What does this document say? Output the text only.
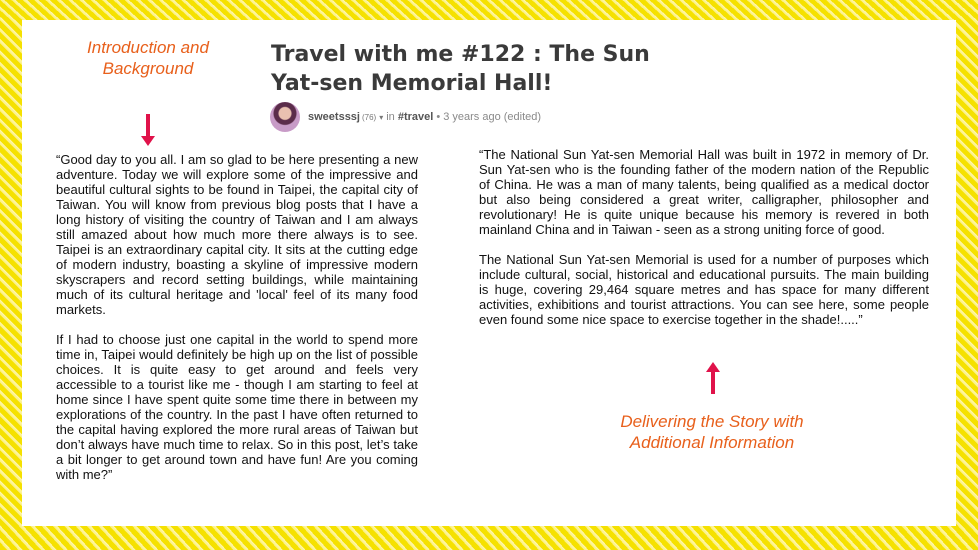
Introduction and Background
Travel with me #122 : The Sun Yat-sen Memorial Hall!
sweetsssj (76) ▾ in
#travel • 3 years ago
(edited)

“Good day to you all. I am so glad to be here presenting a new adventure. Today we will explore some of the impressive and beautiful cultural sights to be found in Taipei, the capital city of Taiwan. You will know from previous blog posts that I have a long history of visiting the country of Taiwan and I am always still amazed about how much more there always is to see. Taipei is an extraordinary capital city. It sits at the cutting edge of modern industry, boasting a skyline of impressive modern skyscrapers and record setting buildings, while maintaining much of its cultural heritage and 'local' feel of its many food markets.

If I had to choose just one capital in the world to spend more time in, Taipei would definitely be high up on the list of possible choices. It is quite easy to get around and feels very accessible to a tourist like me - though I am starting to feel at home since I have spent quite some time there in between my explorations of the country. In the past I have often returned to the capital having explored the more rural areas of Taiwan but don’t always have much time to relax. So in this post, let’s take a bit longer to get around town and have fun! Are you coming with me?”

“The National Sun Yat-sen Memorial Hall was built in 1972 in memory of Dr. Sun Yat-sen who is the founding father of the modern nation of the Republic of China. He was a man of many talents, being qualified as a medical doctor but also being considered a great writer, calligrapher, philosopher and revolutionary! He is quite unique because his memory is revered in both mainland China and in Taiwan - seen as a strong uniting force of good.

The National Sun Yat-sen Memorial is used for a number of purposes which include cultural, social, historical and educational pursuits. The main building is huge, covering 29,464 square metres and has space for many different activities, exhibitions and tourist attractions. You can see here, some people even found some nice space to exercise together in the shade!.....”

Delivering the Story with Additional Information
